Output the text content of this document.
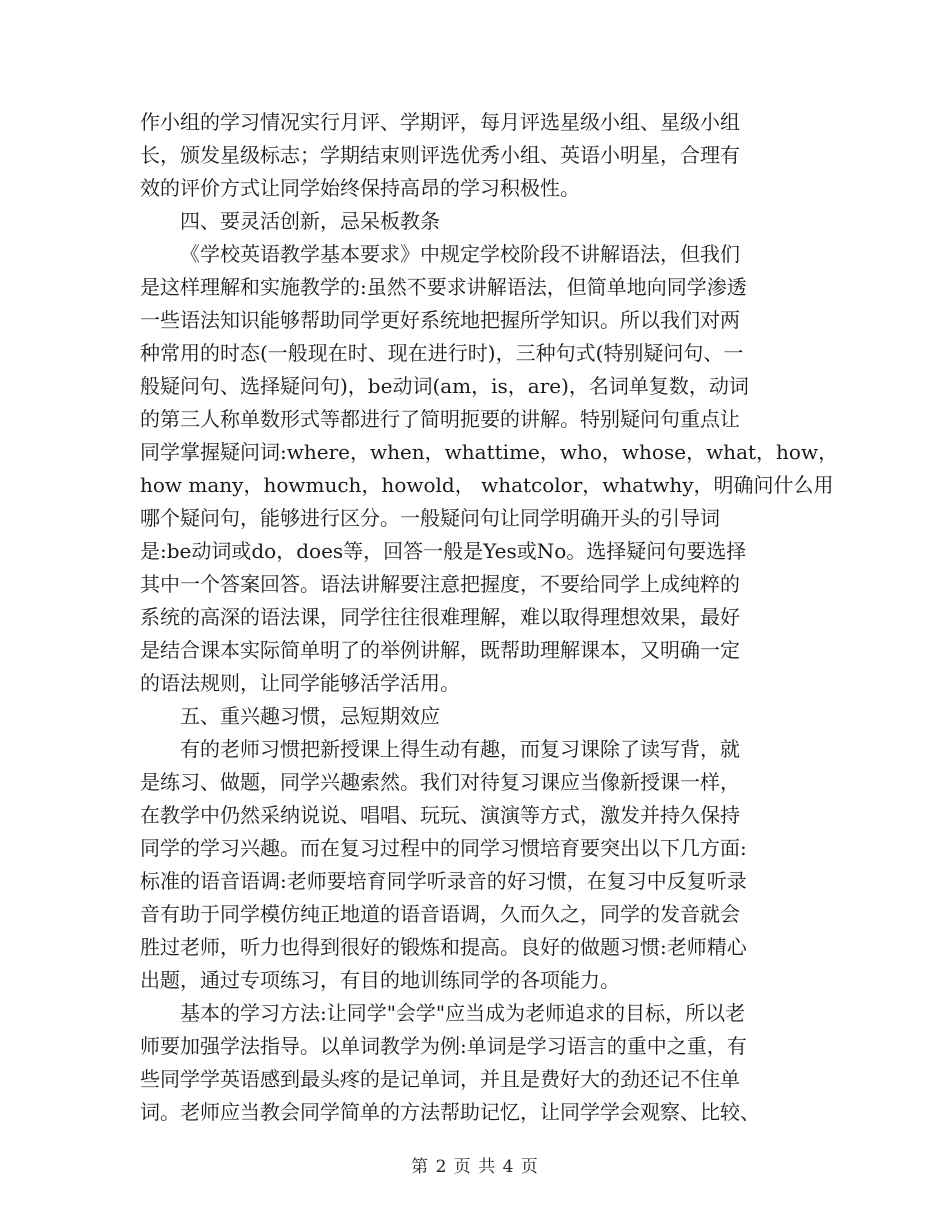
作小组的学习情况实行月评、学期评，每月评选星级小组、星级小组
长，颁发星级标志；学期结束则评选优秀小组、英语小明星，合理有
效的评价方式让同学始终保持高昂的学习积极性。
四、要灵活创新，忌呆板教条
《学校英语教学基本要求》中规定学校阶段不讲解语法，但我们
是这样理解和实施教学的:虽然不要求讲解语法，但简单地向同学渗透
一些语法知识能够帮助同学更好系统地把握所学知识。所以我们对两
种常用的时态(一般现在时、现在进行时)，三种句式(特别疑问句、一
般疑问句、选择疑问句)，be动词(am，is，are)，名词单复数，动词
的第三人称单数形式等都进行了简明扼要的讲解。特别疑问句重点让
同学掌握疑问词:where，when，whattime，who，whose，what，how，
how many，howmuch，howold， whatcolor，whatwhy，明确问什么用
哪个疑问句，能够进行区分。一般疑问句让同学明确开头的引导词
是:be动词或do，does等，回答一般是Yes或No。选择疑问句要选择
其中一个答案回答。语法讲解要注意把握度，不要给同学上成纯粹的
系统的高深的语法课，同学往往很难理解，难以取得理想效果，最好
是结合课本实际简单明了的举例讲解，既帮助理解课本，又明确一定
的语法规则，让同学能够活学活用。
五、重兴趣习惯，忌短期效应
有的老师习惯把新授课上得生动有趣，而复习课除了读写背，就
是练习、做题，同学兴趣索然。我们对待复习课应当像新授课一样，
在教学中仍然采纳说说、唱唱、玩玩、演演等方式，激发并持久保持
同学的学习兴趣。而在复习过程中的同学习惯培育要突出以下几方面:
标准的语音语调:老师要培育同学听录音的好习惯，在复习中反复听录
音有助于同学模仿纯正地道的语音语调，久而久之，同学的发音就会
胜过老师，听力也得到很好的锻炼和提高。良好的做题习惯:老师精心
出题，通过专项练习，有目的地训练同学的各项能力。
基本的学习方法:让同学"会学"应当成为老师追求的目标，所以老
师要加强学法指导。以单词教学为例:单词是学习语言的重中之重，有
些同学学英语感到最头疼的是记单词，并且是费好大的劲还记不住单
词。老师应当教会同学简单的方法帮助记忆，让同学学会观察、比较、
第 2 页 共 4 页
